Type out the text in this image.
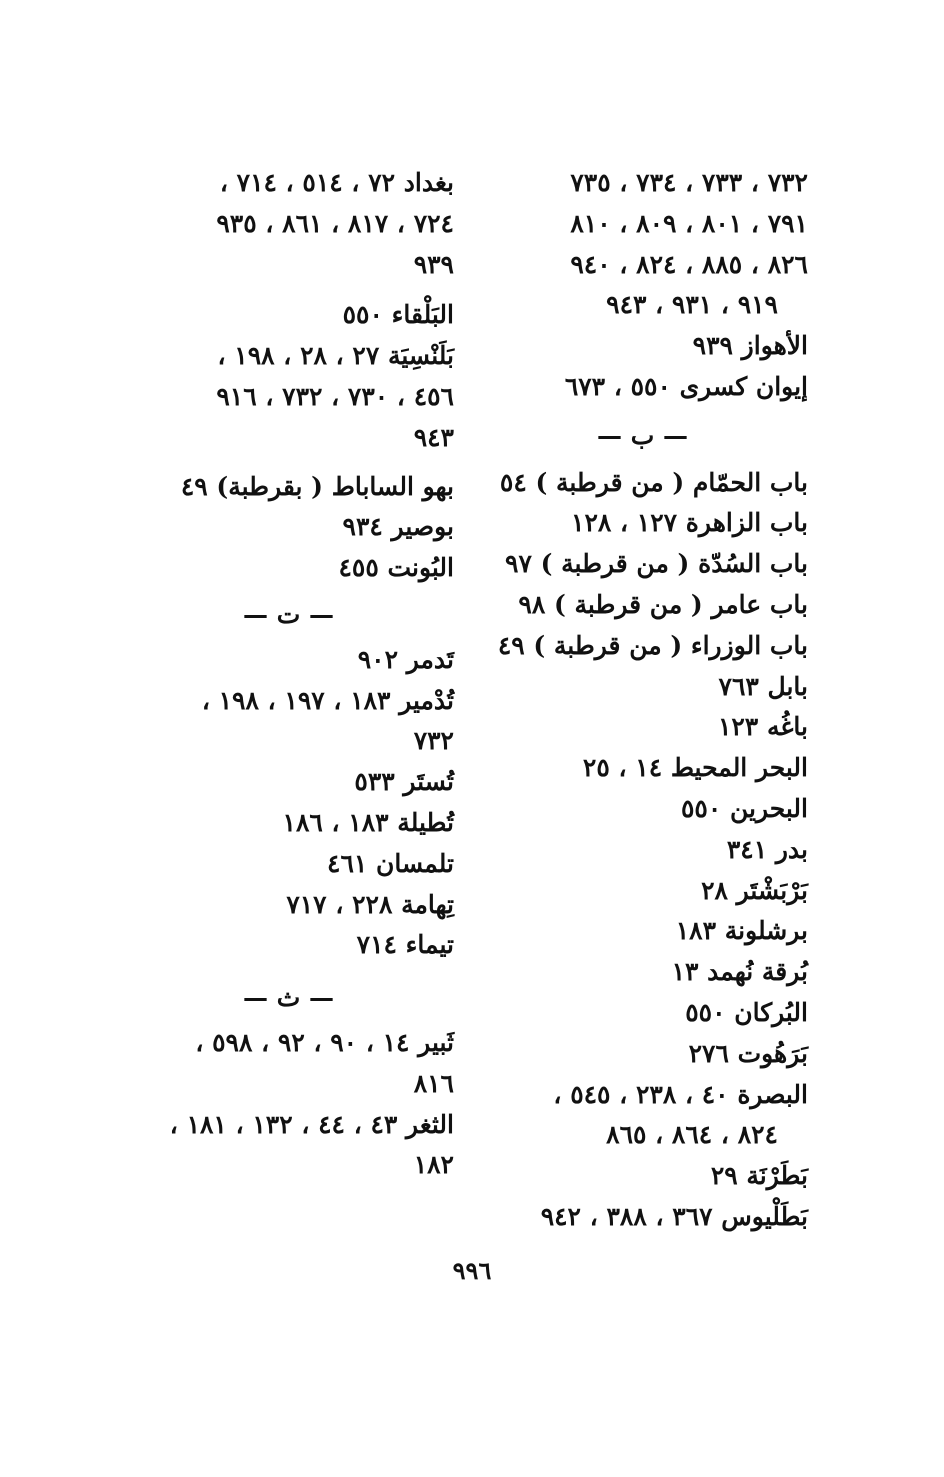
٧٣٢ ، ٧٣٣ ، ٧٣٤ ، ٧٣٥
٧٩١ ، ٨٠١ ، ٨٠٩ ، ٨١٠
٨٢٦ ، ٨٨٥ ، ٨٢٤ ، ٩٤٠
٩١٩ ، ٩٣١ ، ٩٤٣
الأهواز ٩٣٩
إيوان كسرى ٥٥٠ ، ٦٧٣
— ب —
باب الحمّام ( من قرطبة ) ٥٤
باب الزاهرة ١٢٧ ، ١٢٨
باب السُدّة ( من قرطبة ) ٩٧
باب عامر ( من قرطبة ) ٩٨
باب الوزراء ( من قرطبة ) ٤٩
بابل ٧٦٣
باغُه ١٢٣
البحر المحيط ١٤ ، ٢٥
البحرين ٥٥٠
بدر ٣٤١
بَرْبَشْتَر ٢٨
برشلونة ١٨٣
بُرقة نُهمد ١٣
البُركان ٥٥٠
بَرَهُوت ٢٧٦
البصرة ٤٠ ، ٢٣٨ ، ٥٤٥ ،
٨٢٤ ، ٨٦٤ ، ٨٦٥
بَطَرْنَة ٢٩
بَطَلْيوس ٣٦٧ ، ٣٨٨ ، ٩٤٢
بغداد ٧٢ ، ٥١٤ ، ٧١٤ ،
٧٢٤ ، ٨١٧ ، ٨٦١ ، ٩٣٥
٩٣٩
البَلْقاء ٥٥٠
بَلَنْسِيَة ٢٧ ، ٢٨ ، ١٩٨ ،
٤٥٦ ، ٧٣٠ ، ٧٣٢ ، ٩١٦
٩٤٣
بهو الساباط ( بقرطبة) ٤٩
بوصير ٩٣٤
البُونت ٤٥٥
— ت —
تَدمر ٩٠٢
تُدْمير ١٨٣ ، ١٩٧ ، ١٩٨ ،
٧٣٢
تُستَر ٥٣٣
تُطيلة ١٨٣ ، ١٨٦
تلمسان ٤٦١
تِهامة ٢٢٨ ، ٧١٧
تيماء ٧١٤
— ث —
ثَبير ١٤ ، ٩٠ ، ٩٢ ، ٥٩٨ ،
٨١٦
الثغر ٤٣ ، ٤٤ ، ١٣٢ ، ١٨١ ،
١٨٢
٩٩٦
